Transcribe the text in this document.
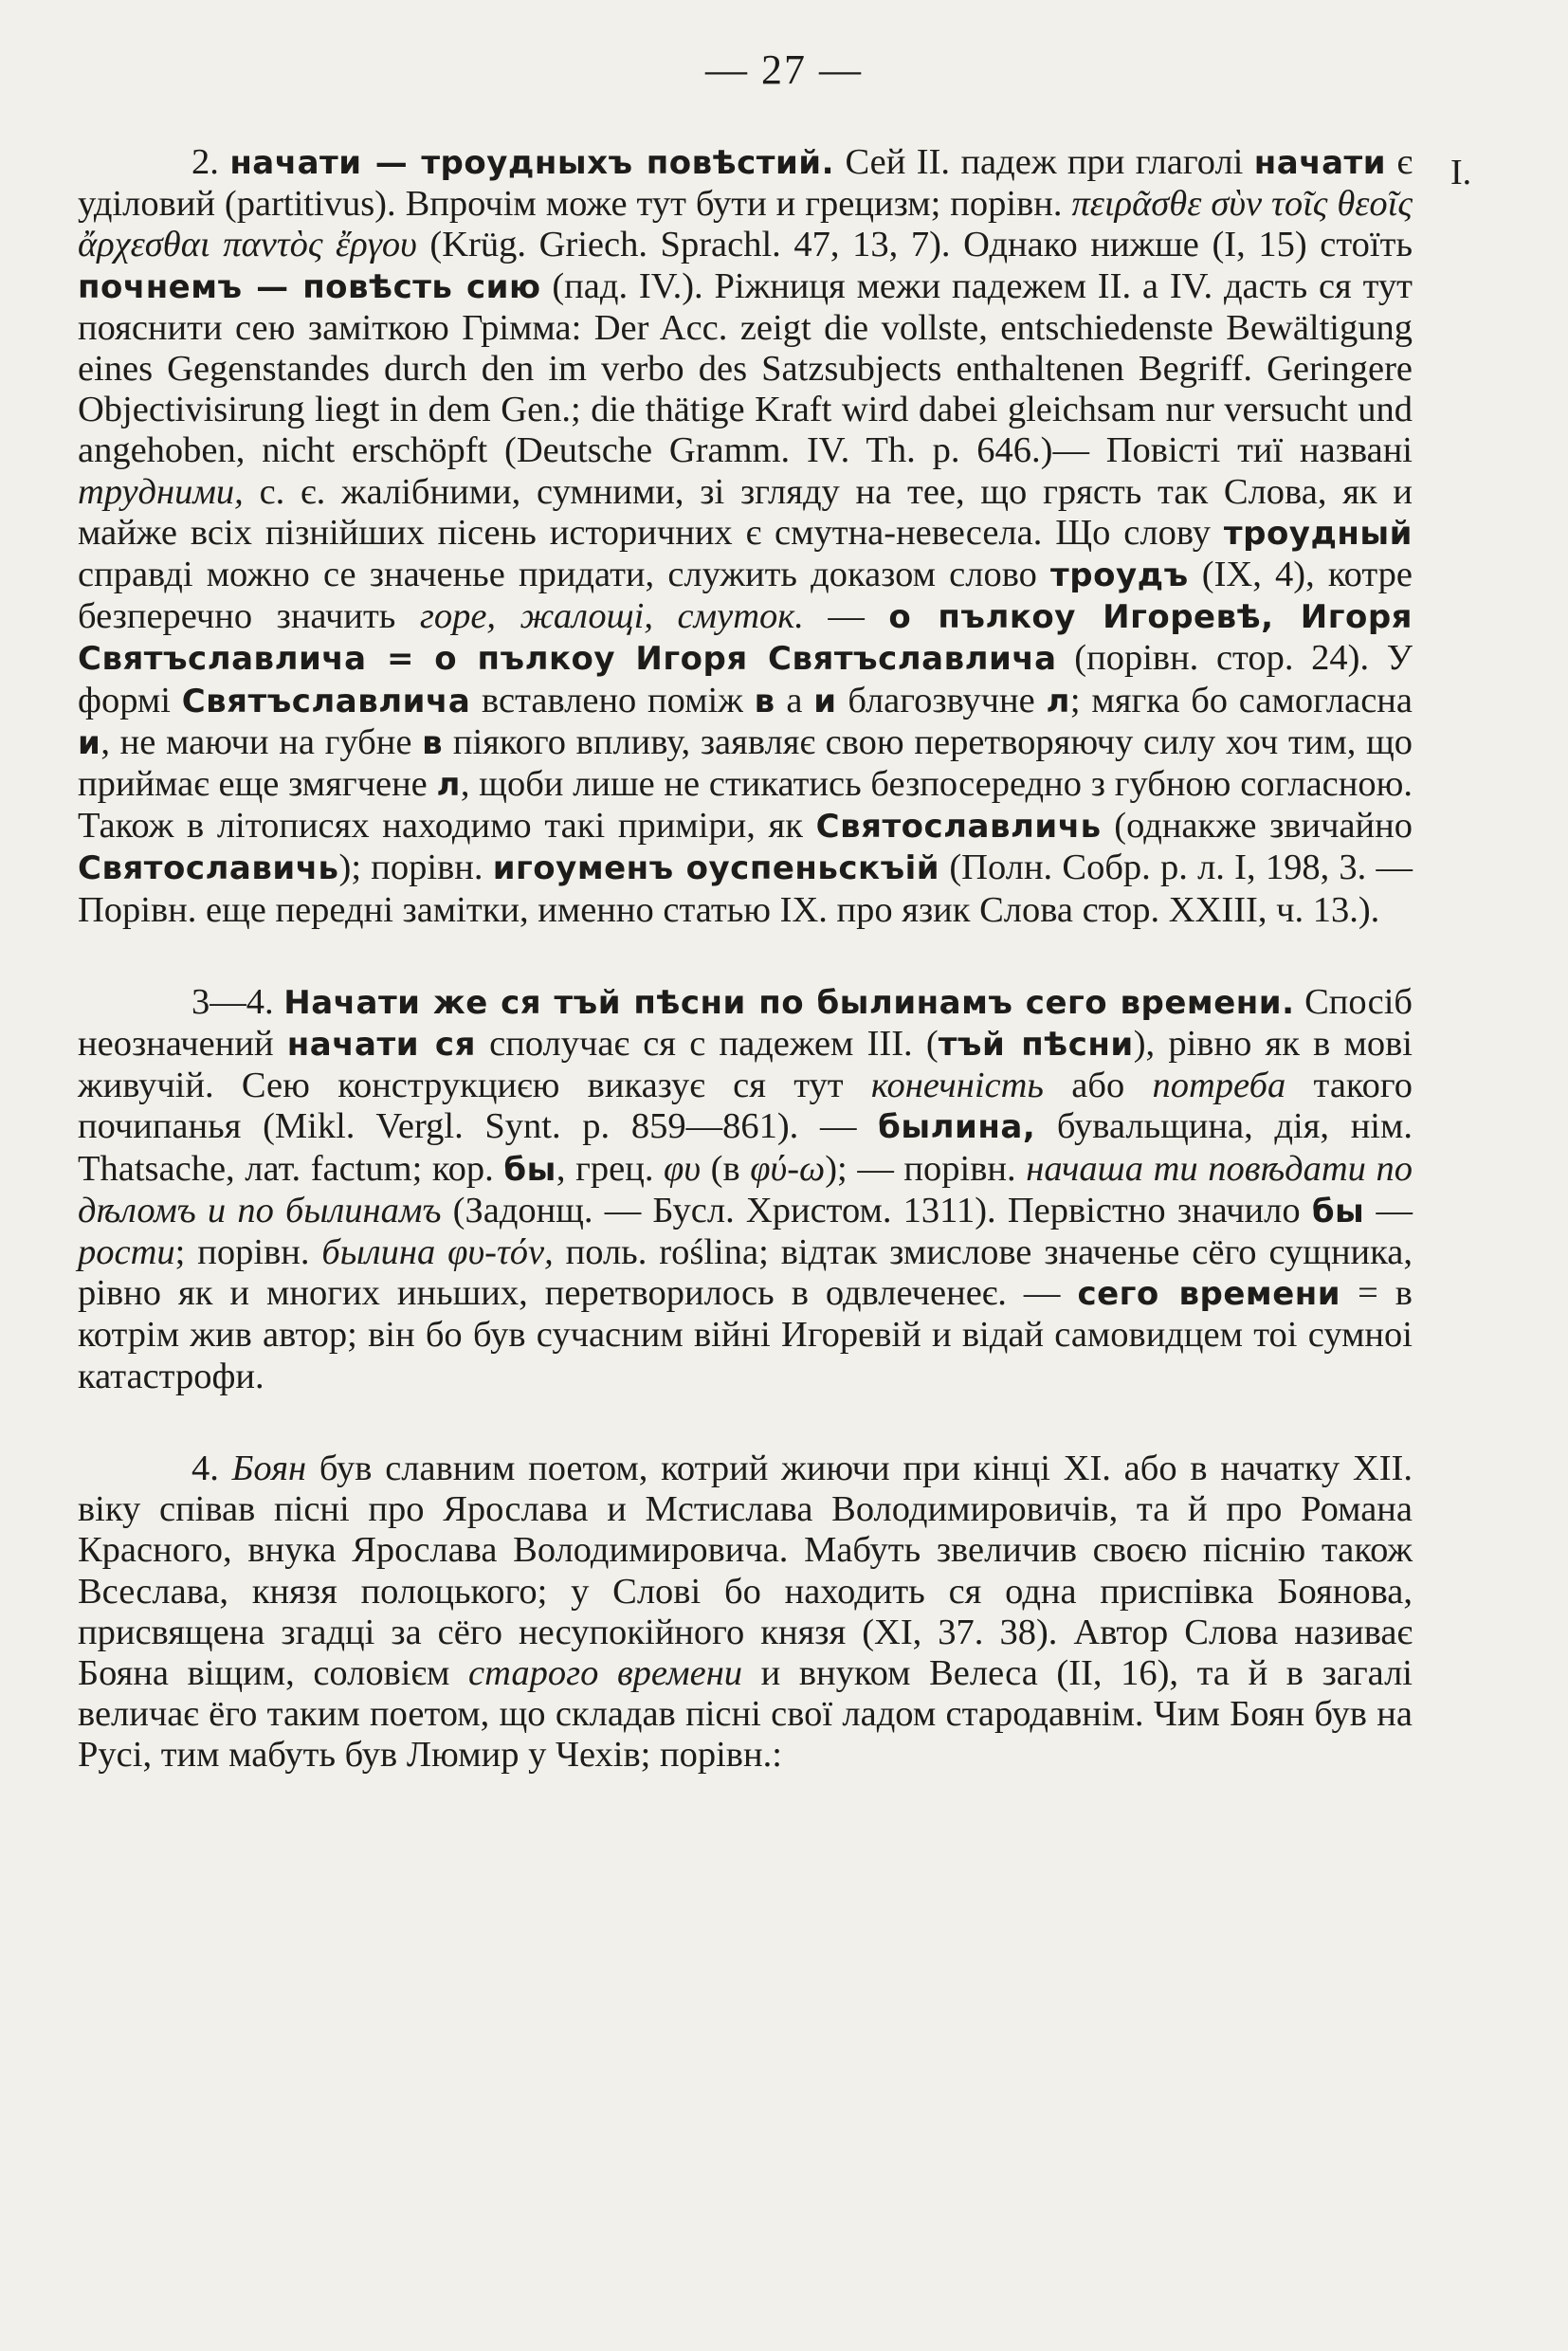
— 27 —
I.

2. начати — троудныхъ повѣстий. Сей II. падеж при глаголі начати є уділовий (partitivus). Впрочім може тут бути и грецизм; порівн. πειρᾶσθε σὺν τοῖς θεοῖς ἄρχεσθαι παντὸς ἔργου (Krüg. Griech. Sprachl. 47, 13, 7). Однако нижше (I, 15) стоїть почнемъ — повѣсть сию (пад. IV.). Ріжниця межи падежем II. а IV. дасть ся тут пояснити сею заміткою Грімма: Der Acc. zeigt die vollste, entschiedenste Bewältigung eines Gegenstandes durch den im verbo des Satzsubjects enthaltenen Begriff. Geringere Objectivisirung liegt in dem Gen.; die thätige Kraft wird dabei gleichsam nur versucht und angehoben, nicht erschöpft (Deutsche Gramm. IV. Th. p. 646.)— Повісті тиї названі трудними, с. є. жалібними, сумними, зі згляду на тее, що грясть так Слова, як и майже всіх пізнійших пісень историчних є смутна-невесела. Що слову троудный справді можно се значенье придати, служить доказом слово троудъ (IX, 4), котре безперечно значить горе, жалощі, смуток. — о пълкоу Игоревѣ, Игоря Святъславлича = о пълкоу Игоря Святъславлича (порівн. стор. 24). У формі Святъславлича вставлено поміж в а и благозвучне л; мягка бо самогласна и, не маючи на губне в піякого впливу, заявляє свою перетворяючу силу хоч тим, що приймає еще змягчене л, щоби лише не стикатись безпосередно з губною согласною. Також в літописях находимо такі приміри, як Святославличь (однакже звичайно Святославичь); порівн. игоуменъ оуспеньскъій (Полн. Собр. р. л. I, 198, 3. — Порівн. еще передні замітки, именно статью IX. про язик Слова стор. XXIII, ч. 13.).

3—4. Начати же ся тъй пѣсни по былинамъ сего времени. Спосіб неозначений начати ся сполучає ся с падежем III. (тъй пѣсни), рівно як в мові живучій. Сею конструкциєю виказує ся тут конечність або потреба такого почипанья (Mikl. Vergl. Synt. p. 859—861). — былина, бувальщина, дія, нім. Thatsache, лат. factum; кор. бы, грец. φυ (в φύ-ω); — порівн. начаша ти повѣдати по дѣломъ и по былинамъ (Задонщ. — Бусл. Христом. 1311). Первістно значило бы — рости; порівн. былина φυ-τόν, поль. roślina; відтак змислове значенье сёго сущника, рівно як и многих иньших, перетворилось в одвлеченеє. — сего времени = в котрім жив автор; він бо був сучасним війні Игоревій и відай самовидцем тоі сумноі катастрофи.

4. Боян був славним поетом, котрий жиючи при кінці XI. або в начатку XII. віку співав пісні про Ярослава и Мстислава Володимировичів, та й про Романа Красного, внука Ярослава Володимировича. Мабуть звеличив своєю піснію також Всеслава, князя полоцького; у Слові бо находить ся одна приспівка Боянова, присвящена згадці за сёго несупокійного князя (XI, 37. 38). Автор Слова називає Бояна віщим, соловієм старого времени и внуком Велеса (II, 16), та й в загалі величає ёго таким поетом, що складав пісні свої ладом стародавнім. Чим Боян був на Русі, тим мабуть був Люмир у Чехів; порівн.:
